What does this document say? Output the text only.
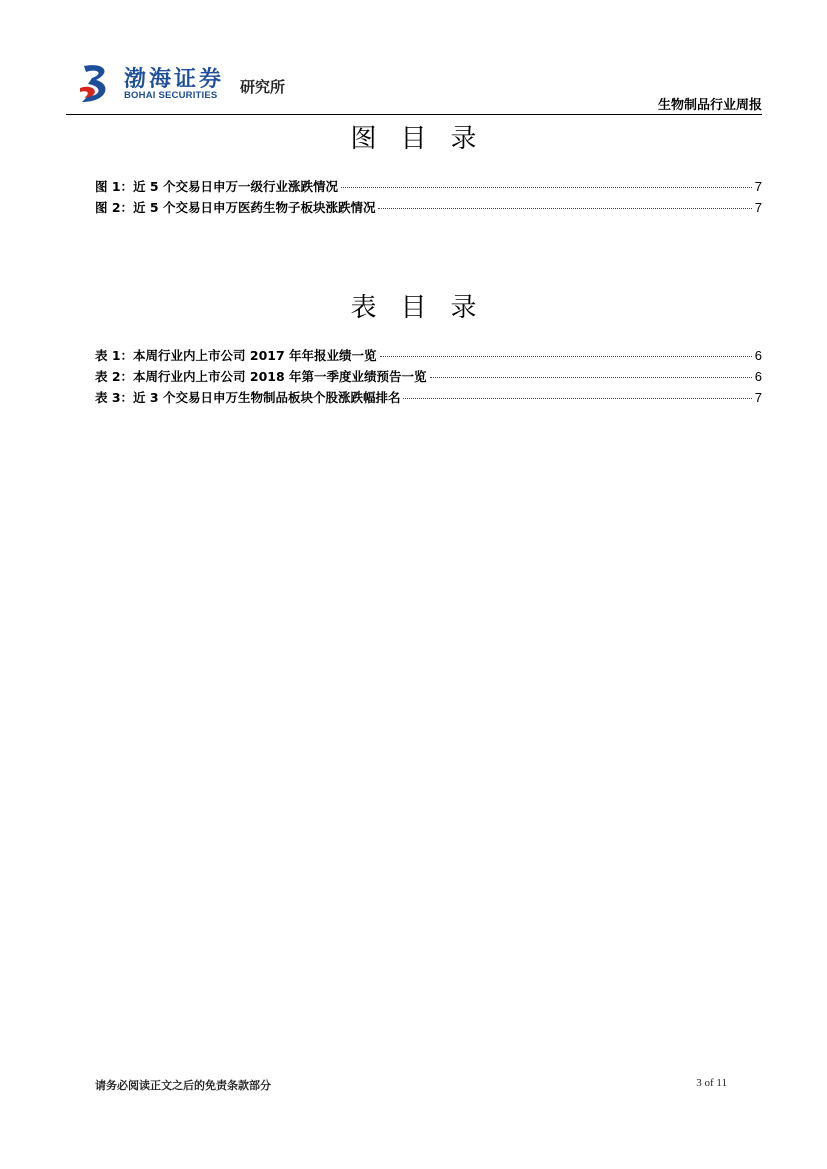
渤海证券
BOHAI SECURITIES 研究所
生物制品行业周报
图目录
图 1：近 5 个交易日申万一级行业涨跌情况	7
图 2：近 5 个交易日申万医药生物子板块涨跌情况	7
表目录
表 1：本周行业内上市公司 2017 年年报业绩一览	6
表 2：本周行业内上市公司 2018 年第一季度业绩预告一览	6
表 3：近 3 个交易日申万生物制品板块个股涨跌幅排名	7
请务必阅读正文之后的免责条款部分	3 of 11
